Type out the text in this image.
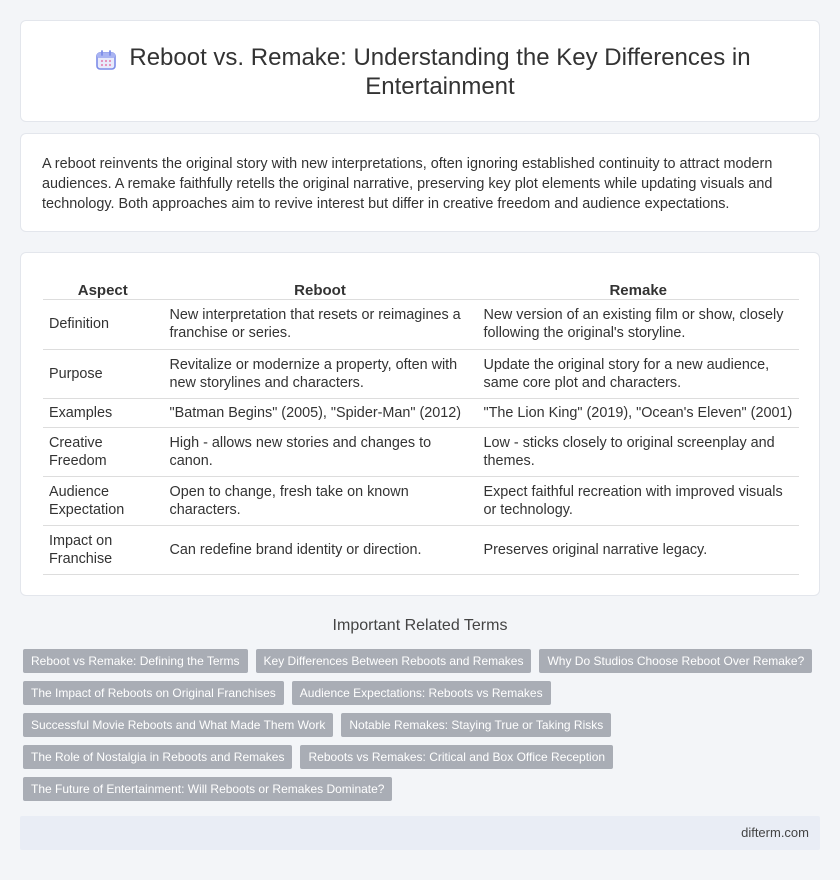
Reboot vs. Remake: Understanding the Key Differences in Entertainment

A reboot reinvents the original story with new interpretations, often ignoring established continuity to attract modern audiences. A remake faithfully retells the original narrative, preserving key plot elements while updating visuals and technology. Both approaches aim to revive interest but differ in creative freedom and audience expectations.

Aspect	Reboot	Remake
Definition	New interpretation that resets or reimagines a franchise or series.	New version of an existing film or show, closely following the original's storyline.
Purpose	Revitalize or modernize a property, often with new storylines and characters.	Update the original story for a new audience, same core plot and characters.
Examples	"Batman Begins" (2005), "Spider-Man" (2012)	"The Lion King" (2019), "Ocean's Eleven" (2001)
Creative Freedom	High - allows new stories and changes to canon.	Low - sticks closely to original screenplay and themes.
Audience Expectation	Open to change, fresh take on known characters.	Expect faithful recreation with improved visuals or technology.
Impact on Franchise	Can redefine brand identity or direction.	Preserves original narrative legacy.
Important Related Terms
Reboot vs Remake: Defining the Terms	Key Differences Between Reboots and Remakes	Why Do Studios Choose Reboot Over Remake?
The Impact of Reboots on Original Franchises	Audience Expectations: Reboots vs Remakes
Successful Movie Reboots and What Made Them Work	Notable Remakes: Staying True or Taking Risks
The Role of Nostalgia in Reboots and Remakes	Reboots vs Remakes: Critical and Box Office Reception
The Future of Entertainment: Will Reboots or Remakes Dominate?
difterm.com
